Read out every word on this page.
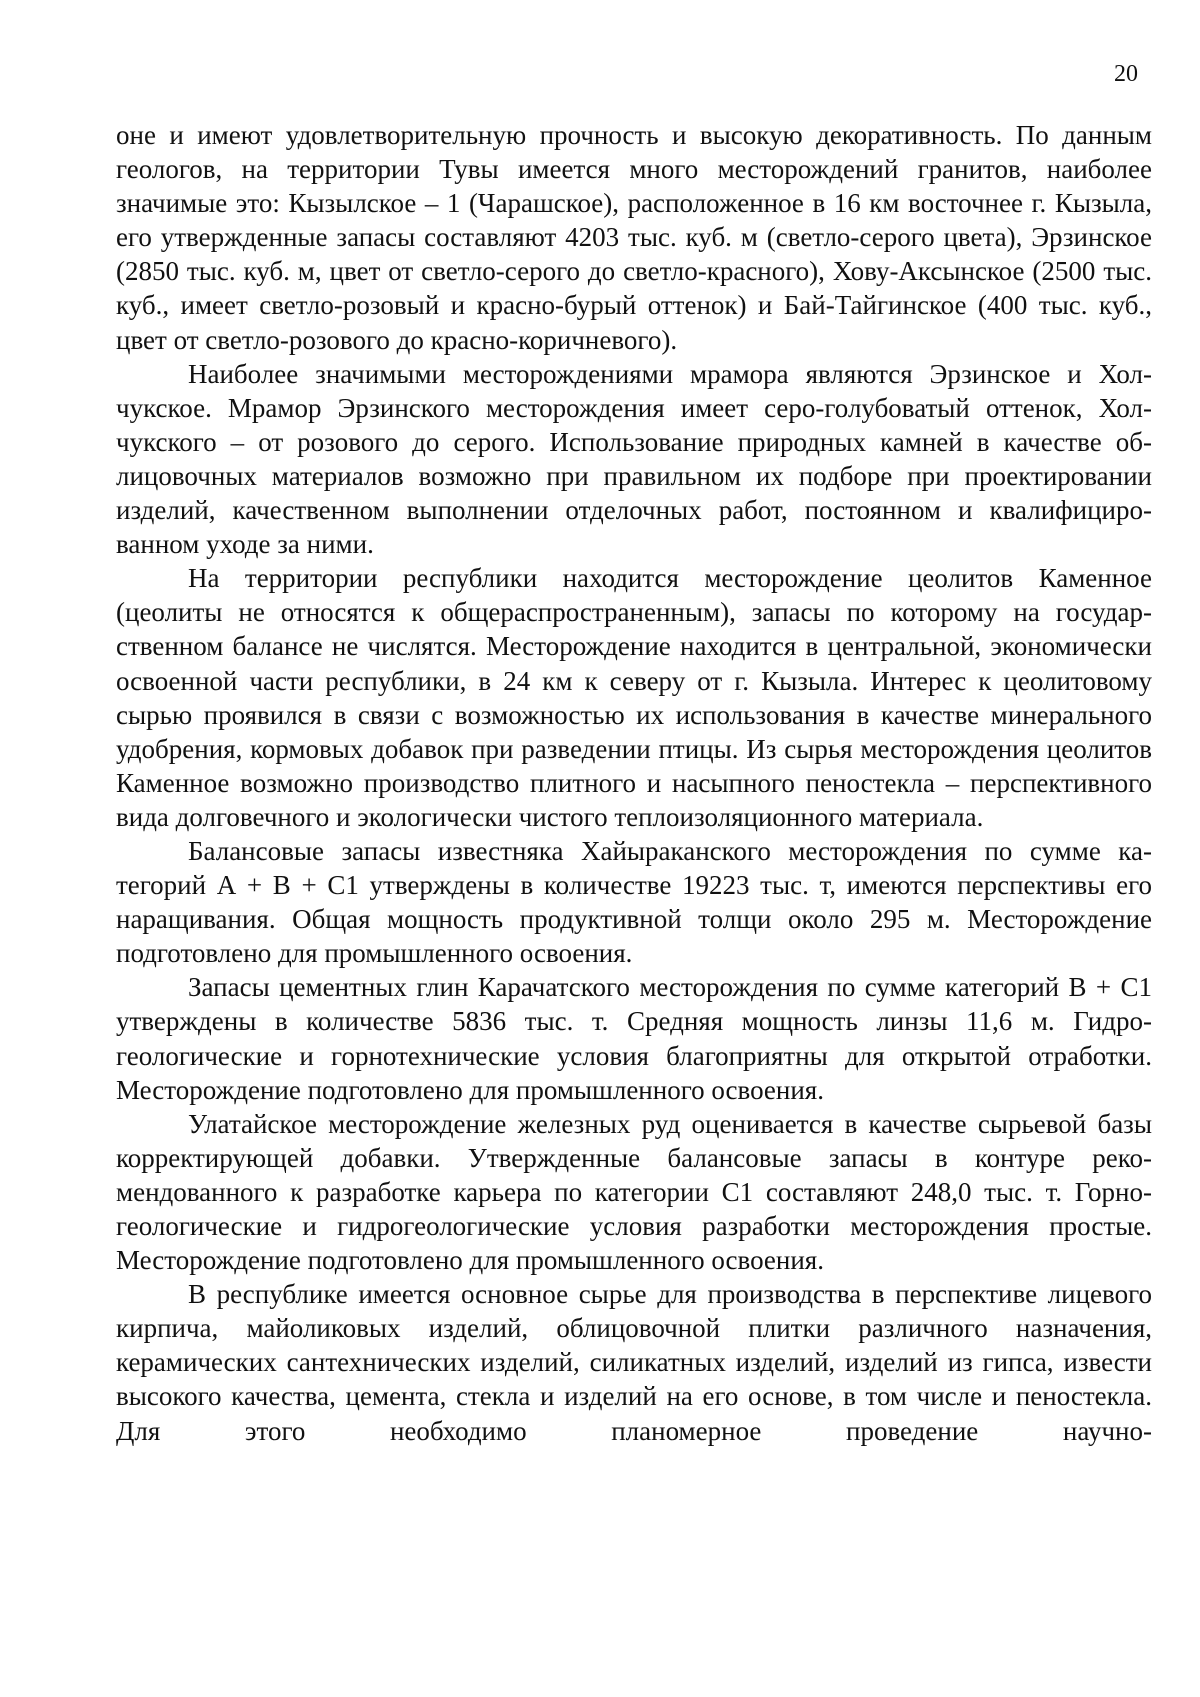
20

оне и имеют удовлетворительную прочность и высокую декоративность. По данным геологов, на территории Тувы имеется много месторождений гранитов, наиболее значимые это: Кызылское – 1 (Чарашское), расположенное в 16 км восточнее г. Кызыла, его утвержденные запасы составляют 4203 тыс. куб. м (светло-серого цвета), Эрзинское (2850 тыс. куб. м, цвет от светло-серого до светло-красного), Хову-Аксынское (2500 тыс. куб., имеет светло-розовый и красно-бурый оттенок) и Бай-Тайгинское (400 тыс. куб., цвет от светло-розового до красно-коричневого).

Наиболее значимыми месторождениями мрамора являются Эрзинское и Холчукское. Мрамор Эрзинского месторождения имеет серо-голубоватый оттенок, Холчукского – от розового до серого. Использование природных камней в качестве облицовочных материалов возможно при правильном их подборе при проектировании изделий, качественном выполнении отделочных работ, постоянном и квалифицированном уходе за ними.

На территории республики находится месторождение цеолитов Каменное (цеолиты не относятся к общераспространенным), запасы по которому на государственном балансе не числятся. Месторождение находится в центральной, экономически освоенной части республики, в 24 км к северу от г. Кызыла. Интерес к цеолитовому сырью проявился в связи с возможностью их использования в качестве минерального удобрения, кормовых добавок при разведении птицы. Из сырья месторождения цеолитов Каменное возможно производство плитного и насыпного пеностекла – перспективного вида долговечного и экологически чистого теплоизоляционного материала.

Балансовые запасы известняка Хайыраканского месторождения по сумме категорий А + В + С1 утверждены в количестве 19223 тыс. т, имеются перспективы его наращивания. Общая мощность продуктивной толщи около 295 м. Месторождение подготовлено для промышленного освоения.

Запасы цементных глин Карачатского месторождения по сумме категорий В + С1 утверждены в количестве 5836 тыс. т. Средняя мощность линзы 11,6 м. Гидрогеологические и горнотехнические условия благоприятны для открытой отработки. Месторождение подготовлено для промышленного освоения.

Улатайское месторождение железных руд оценивается в качестве сырьевой базы корректирующей добавки. Утвержденные балансовые запасы в контуре рекомендованного к разработке карьера по категории С1 составляют 248,0 тыс. т. Горногеологические и гидрогеологические условия разработки месторождения простые. Месторождение подготовлено для промышленного освоения.

В республике имеется основное сырье для производства в перспективе лицевого кирпича, майоликовых изделий, облицовочной плитки различного назначения, керамических сантехнических изделий, силикатных изделий, изделий из гипса, извести высокого качества, цемента, стекла и изделий на его основе, в том числе и пеностекла. Для этого необходимо планомерное проведение научно-
